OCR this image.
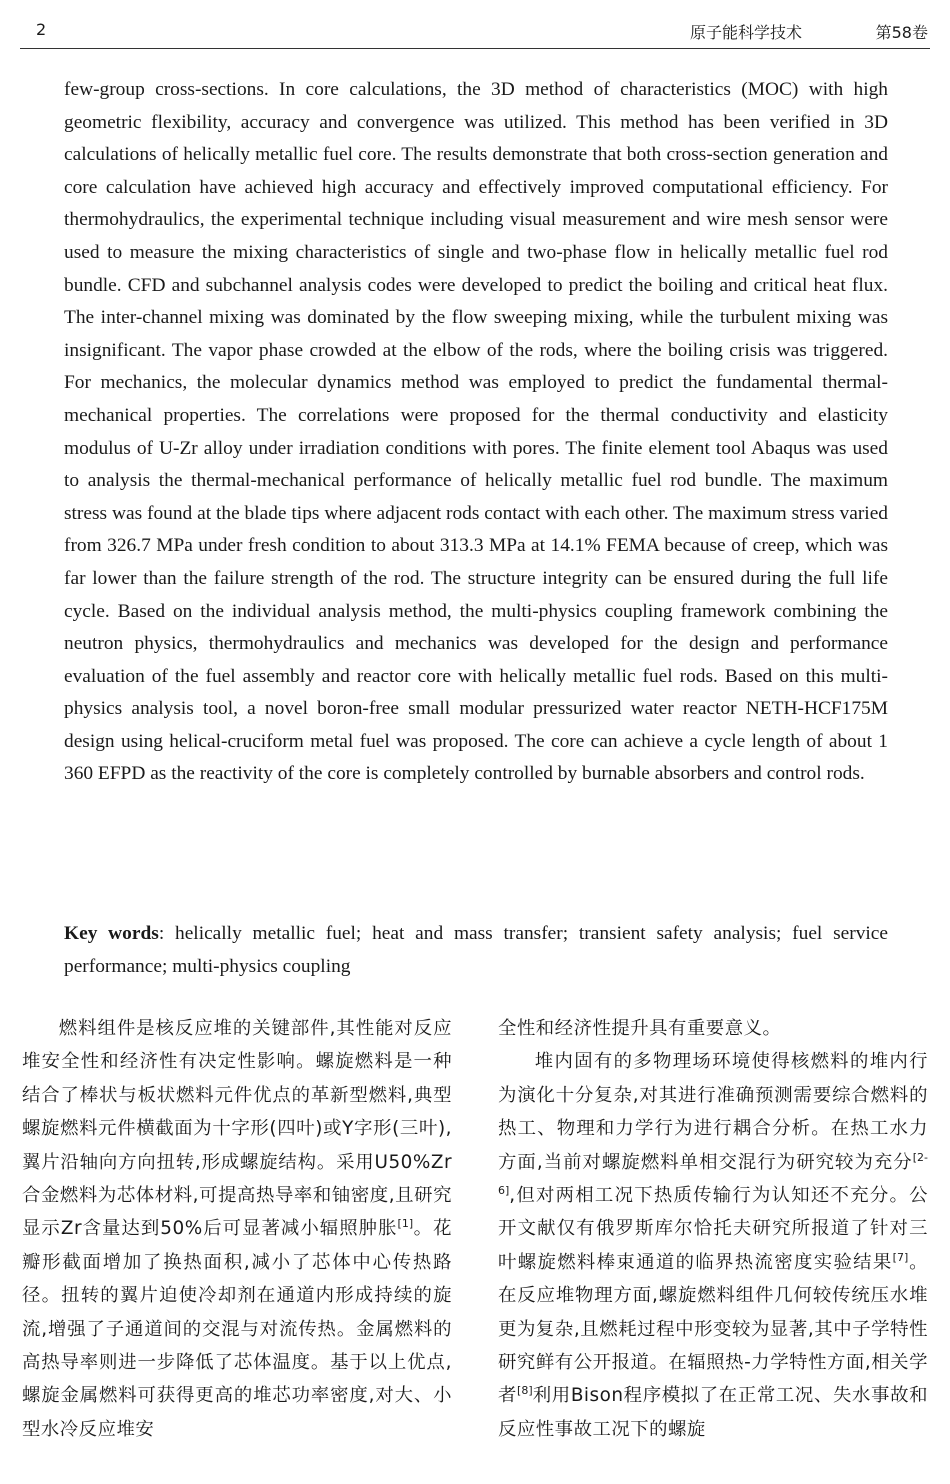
2	原子能科学技术	第58卷
few-group cross-sections. In core calculations, the 3D method of characteristics (MOC) with high geometric flexibility, accuracy and convergence was utilized. This method has been verified in 3D calculations of helically metallic fuel core. The results demonstrate that both cross-section generation and core calculation have achieved high accuracy and effectively improved computational efficiency. For thermohydraulics, the experimental technique including visual measurement and wire mesh sensor were used to measure the mixing characteristics of single and two-phase flow in helically metallic fuel rod bundle. CFD and subchannel analysis codes were developed to predict the boiling and critical heat flux. The inter-channel mixing was dominated by the flow sweeping mixing, while the turbulent mixing was insignificant. The vapor phase crowded at the elbow of the rods, where the boiling crisis was triggered. For mechanics, the molecular dynamics method was employed to predict the fundamental thermal-mechanical properties. The correlations were proposed for the thermal conductivity and elasticity modulus of U-Zr alloy under irradiation conditions with pores. The finite element tool Abaqus was used to analysis the thermal-mechanical performance of helically metallic fuel rod bundle. The maximum stress was found at the blade tips where adjacent rods contact with each other. The maximum stress varied from 326.7 MPa under fresh condition to about 313.3 MPa at 14.1% FEMA because of creep, which was far lower than the failure strength of the rod. The structure integrity can be ensured during the full life cycle. Based on the individual analysis method, the multi-physics coupling framework combining the neutron physics, thermohydraulics and mechanics was developed for the design and performance evaluation of the fuel assembly and reactor core with helically metallic fuel rods. Based on this multi-physics analysis tool, a novel boron-free small modular pressurized water reactor NETH-HCF175M design using helical-cruciform metal fuel was proposed. The core can achieve a cycle length of about 1 360 EFPD as the reactivity of the core is completely controlled by burnable absorbers and control rods.
Key words: helically metallic fuel; heat and mass transfer; transient safety analysis; fuel service performance; multi-physics coupling

燃料组件是核反应堆的关键部件,其性能对反应堆安全性和经济性有决定性影响。螺旋燃料是一种结合了棒状与板状燃料元件优点的革新型燃料,典型螺旋燃料元件横截面为十字形(四叶)或Y字形(三叶),翼片沿轴向方向扭转,形成螺旋结构。采用U50%Zr合金燃料为芯体材料,可提高热导率和铀密度,且研究显示Zr含量达到50%后可显著减小辐照肿胀[1]。花瓣形截面增加了换热面积,减小了芯体中心传热路径。扭转的翼片迫使冷却剂在通道内形成持续的旋流,增强了子通道间的交混与对流传热。金属燃料的高热导率则进一步降低了芯体温度。基于以上优点,螺旋金属燃料可获得更高的堆芯功率密度,对大、小型水冷反应堆安

全性和经济性提升具有重要意义。

堆内固有的多物理场环境使得核燃料的堆内行为演化十分复杂,对其进行准确预测需要综合燃料的热工、物理和力学行为进行耦合分析。在热工水力方面,当前对螺旋燃料单相交混行为研究较为充分[2-6],但对两相工况下热质传输行为认知还不充分。公开文献仅有俄罗斯库尔恰托夫研究所报道了针对三叶螺旋燃料棒束通道的临界热流密度实验结果[7]。在反应堆物理方面,螺旋燃料组件几何较传统压水堆更为复杂,且燃耗过程中形变较为显著,其中子学特性研究鲜有公开报道。在辐照热-力学特性方面,相关学者[8]利用Bison程序模拟了在正常工况、失水事故和反应性事故工况下的螺旋
